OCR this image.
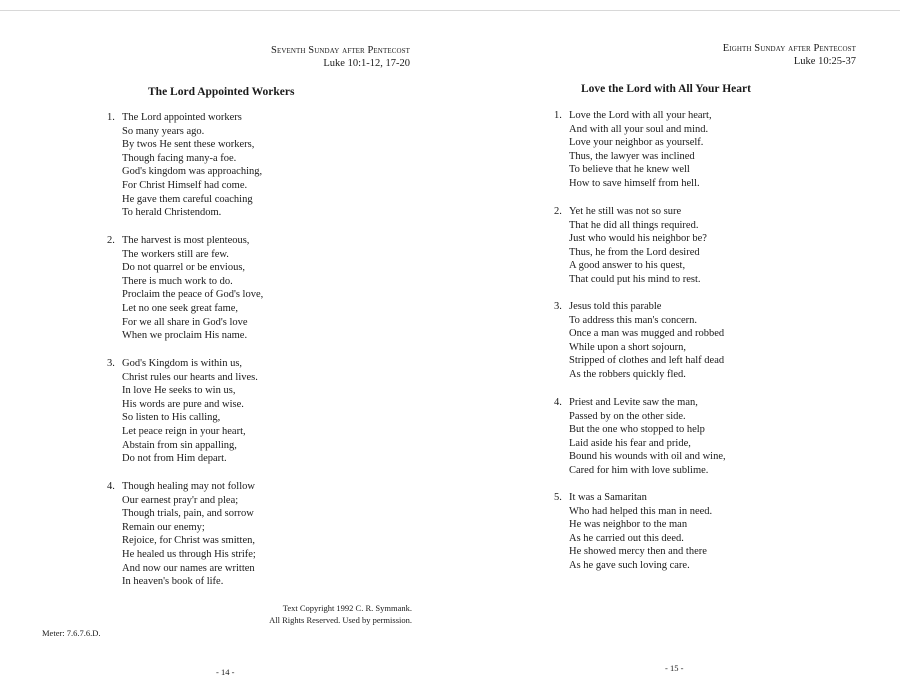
Seventh Sunday after Pentecost
Luke 10:1-12, 17-20
The Lord Appointed Workers
1. The Lord appointed workers
So many years ago.
By twos He sent these workers,
Though facing many-a foe.
God's kingdom was approaching,
For Christ Himself had come.
He gave them careful coaching
To herald Christendom.
2. The harvest is most plenteous,
The workers still are few.
Do not quarrel or be envious,
There is much work to do.
Proclaim the peace of God's love,
Let no one seek great fame,
For we all share in God's love
When we proclaim His name.
3. God's Kingdom is within us,
Christ rules our hearts and lives.
In love He seeks to win us,
His words are pure and wise.
So listen to His calling,
Let peace reign in your heart,
Abstain from sin appalling,
Do not from Him depart.
4. Though healing may not follow
Our earnest pray'r and plea;
Though trials, pain, and sorrow
Remain our enemy;
Rejoice, for Christ was smitten,
He healed us through His strife;
And now our names are written
In heaven's book of life.
Text Copyright 1992 C. R. Symmank.
All Rights Reserved. Used by permission.
Meter: 7.6.7.6.D.
- 14 -
Eighth Sunday after Pentecost
Luke 10:25-37
Love the Lord with All Your Heart
1. Love the Lord with all your heart,
And with all your soul and mind.
Love your neighbor as yourself.
Thus, the lawyer was inclined
To believe that he knew well
How to save himself from hell.
2. Yet he still was not so sure
That he did all things required.
Just who would his neighbor be?
Thus, he from the Lord desired
A good answer to his quest,
That could put his mind to rest.
3. Jesus told this parable
To address this man's concern.
Once a man was mugged and robbed
While upon a short sojourn,
Stripped of clothes and left half dead
As the robbers quickly fled.
4. Priest and Levite saw the man,
Passed by on the other side.
But the one who stopped to help
Laid aside his fear and pride,
Bound his wounds with oil and wine,
Cared for him with love sublime.
5. It was a Samaritan
Who had helped this man in need.
He was neighbor to the man
As he carried out this deed.
He showed mercy then and there
As he gave such loving care.
- 15 -
